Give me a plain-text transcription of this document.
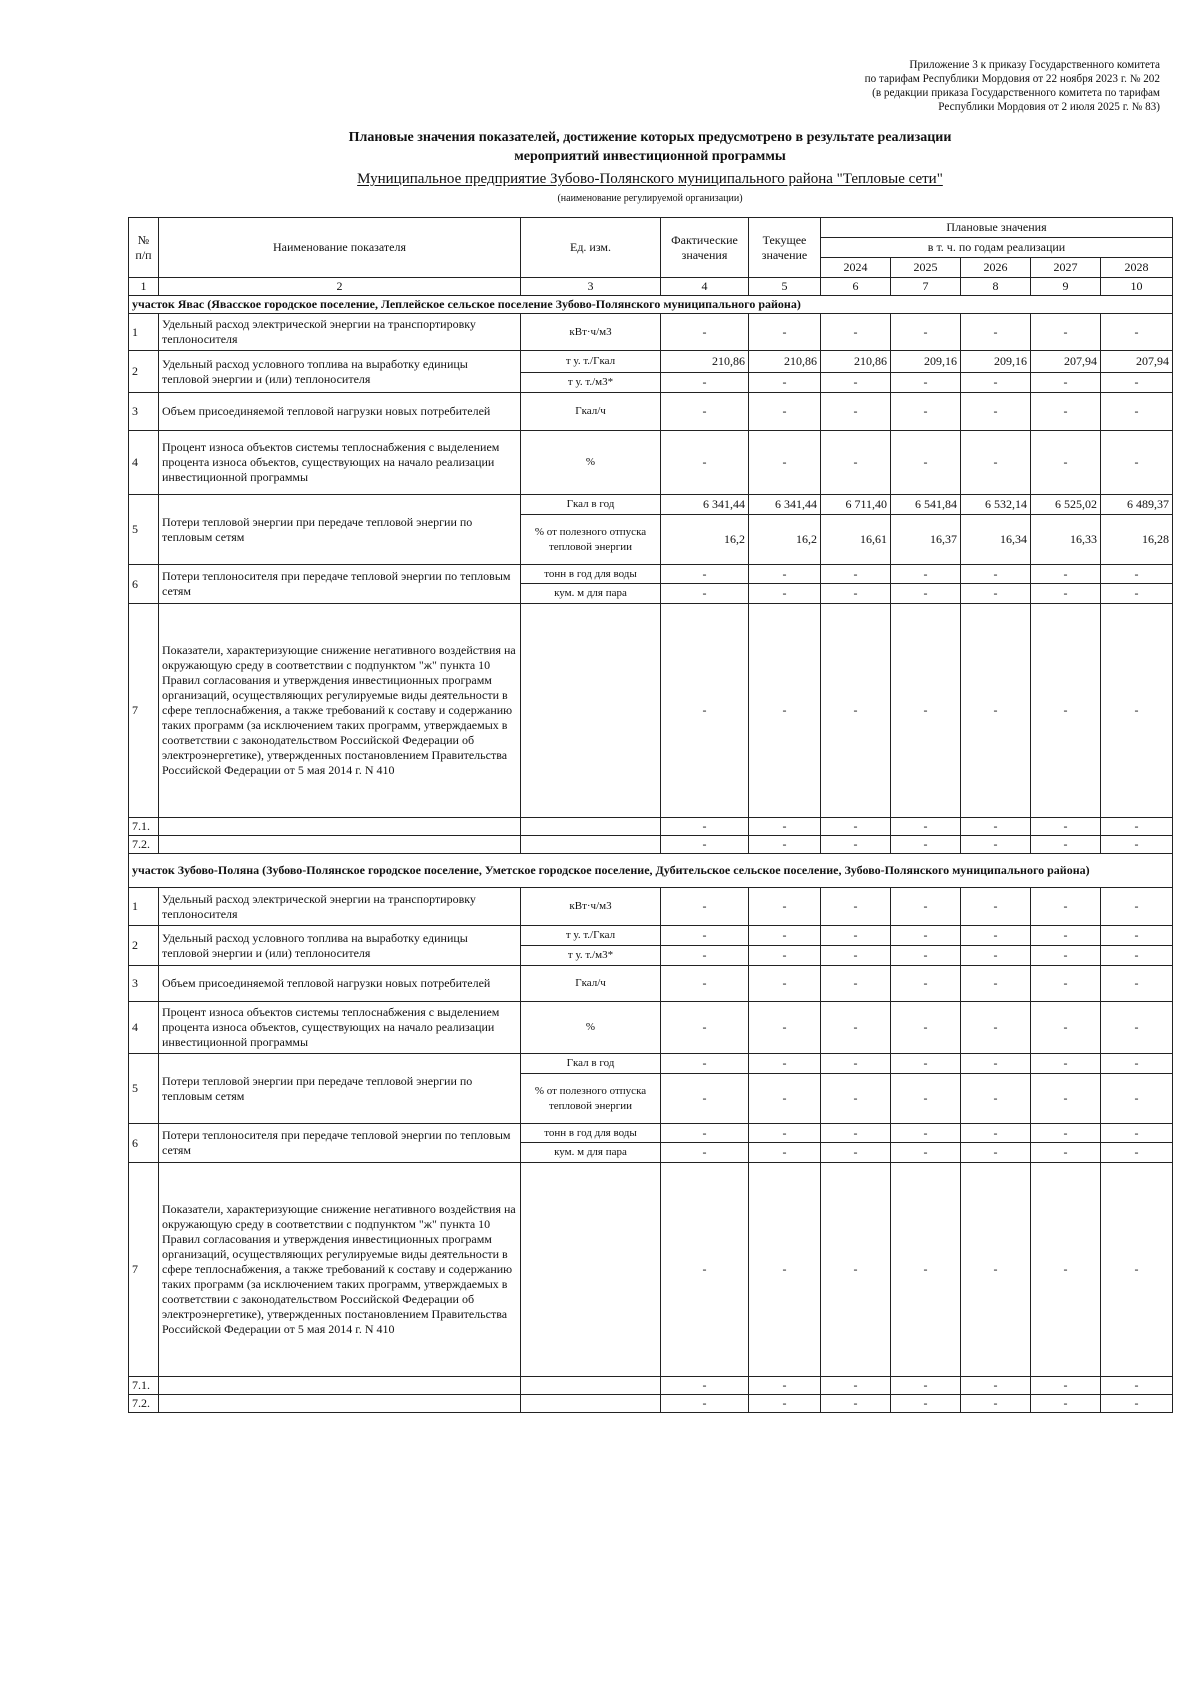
Приложение 3 к приказу Государственного комитета
по тарифам Республики Мордовия от 22 ноября 2023 г. № 202
(в редакции приказа Государственного комитета по тарифам
Республики Мордовия от 2 июля 2025 г. № 83)
Плановые значения показателей, достижение которых предусмотрено в результате реализации
мероприятий инвестиционной программы
Муниципальное предприятие Зубово-Полянского муниципального района "Тепловые сети"
(наименование регулируемой организации)
№ п/п	Наименование показателя	Ед. изм.	Фактические значения	Текущее значение	Плановые значения				
					в т. ч. по годам реализации				
					2024	2025	2026	2027	2028
1	2	3	4	5	6	7	8	9	10
участок Явас (Явасское городское поселение, Леплейское сельское поселение Зубово-Полянского муниципального района)									
1	Удельный расход электрической энергии на транспортировку теплоносителя	кВт·ч/м3	-	-	-	-	-	-	-
2	Удельный расход условного топлива на выработку единицы тепловой энергии и (или) теплоносителя	т у. т./Гкал	210,86	210,86	210,86	209,16	209,16	207,94	207,94
		т у. т./м3*	-	-	-	-	-	-	-
3	Объем присоединяемой тепловой нагрузки новых потребителей	Гкал/ч	-	-	-	-	-	-	-
4	Процент износа объектов системы теплоснабжения с выделением процента износа объектов, существующих на начало реализации инвестиционной программы	%	-	-	-	-	-	-	-
5	Потери тепловой энергии при передаче тепловой энергии по тепловым сетям	Гкал в год	6 341,44	6 341,44	6 711,40	6 541,84	6 532,14	6 525,02	6 489,37
		% от полезного отпуска тепловой энергии	16,2	16,2	16,61	16,37	16,34	16,33	16,28
6	Потери теплоносителя при передаче тепловой энергии по тепловым сетям	тонн в год для воды	-	-	-	-	-	-	-
		кум. м для пара	-	-	-	-	-	-	-
7	Показатели, характеризующие снижение негативного воздействия на окружающую среду в соответствии с подпунктом "ж" пункта 10 Правил согласования и утверждения инвестиционных программ организаций, осуществляющих регулируемые виды деятельности в сфере теплоснабжения, а также требований к составу и содержанию таких программ (за исключением таких программ, утверждаемых в соответствии с законодательством Российской Федерации об электроэнергетике), утвержденных постановлением Правительства Российской Федерации от 5 мая 2014 г. N 410		-	-	-	-	-	-	-
7.1.			-	-	-	-	-	-	-
7.2.			-	-	-	-	-	-	-
участок Зубово-Поляна (Зубово-Полянское городское поселение, Уметское городское поселение, Дубительское сельское поселение, Зубово-Полянского муниципального района)									
1	Удельный расход электрической энергии на транспортировку теплоносителя	кВт·ч/м3	-	-	-	-	-	-	-
2	Удельный расход условного топлива на выработку единицы тепловой энергии и (или) теплоносителя	т у. т./Гкал	-	-	-	-	-	-	-
		т у. т./м3*	-	-	-	-	-	-	-
3	Объем присоединяемой тепловой нагрузки новых потребителей	Гкал/ч	-	-	-	-	-	-	-
4	Процент износа объектов системы теплоснабжения с выделением процента износа объектов, существующих на начало реализации инвестиционной программы	%	-	-	-	-	-	-	-
5	Потери тепловой энергии при передаче тепловой энергии по тепловым сетям	Гкал в год	-	-	-	-	-	-	-
		% от полезного отпуска тепловой энергии	-	-	-	-	-	-	-
6	Потери теплоносителя при передаче тепловой энергии по тепловым сетям	тонн в год для воды	-	-	-	-	-	-	-
		кум. м для пара	-	-	-	-	-	-	-
7	Показатели, характеризующие снижение негативного воздействия на окружающую среду в соответствии с подпунктом "ж" пункта 10 Правил согласования и утверждения инвестиционных программ организаций, осуществляющих регулируемые виды деятельности в сфере теплоснабжения, а также требований к составу и содержанию таких программ (за исключением таких программ, утверждаемых в соответствии с законодательством Российской Федерации об электроэнергетике), утвержденных постановлением Правительства Российской Федерации от 5 мая 2014 г. N 410		-	-	-	-	-	-	-
7.1.			-	-	-	-	-	-	-
7.2.			-	-	-	-	-	-	-
